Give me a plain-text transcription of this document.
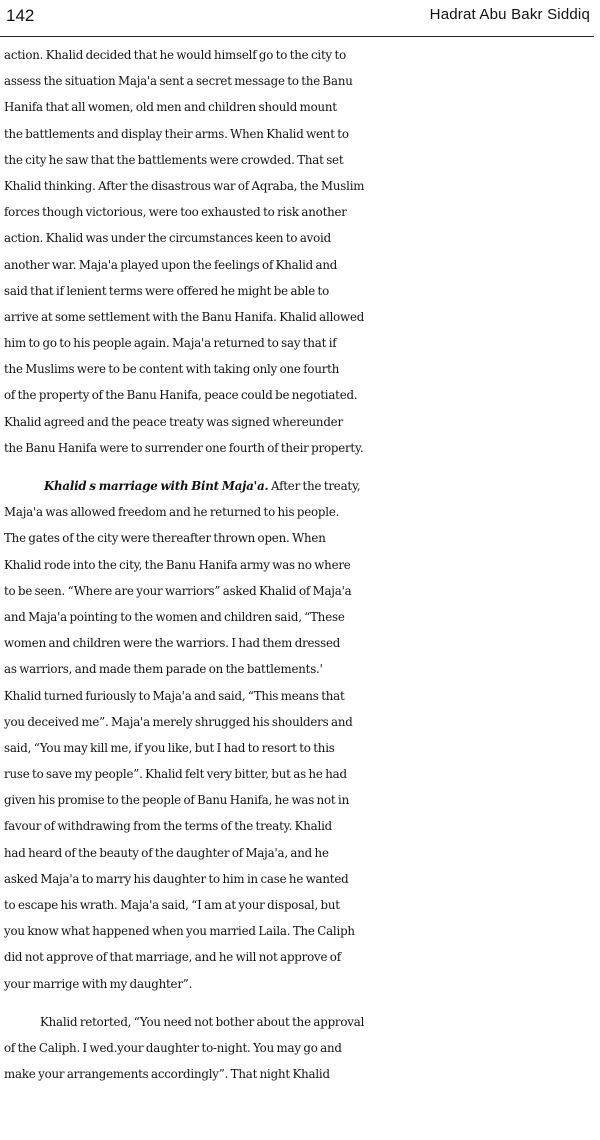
142	Hadrat Abu Bakr Siddiq
action. Khalid decided that he would himself go to the city to
assess the situation Maja'a sent a secret message to the Banu
Hanifa that all women, old men and children should mount
the battlements and display their arms. When Khalid went to
the city he saw that the battlements were crowded. That set
Khalid thinking. After the disastrous war of Aqraba, the Muslim
forces though victorious, were too exhausted to risk another
action. Khalid was under the circumstances keen to avoid
another war. Maja'a played upon the feelings of Khalid and
said that if lenient terms were offered he might be able to
arrive at some settlement with the Banu Hanifa. Khalid allowed
him to go to his people again. Maja'a returned to say that if
the Muslims were to be content with taking only one fourth
of the property of the Banu Hanifa, peace could be negotiated.
Khalid agreed and the peace treaty was signed whereunder
the Banu Hanifa were to surrender one fourth of their property.
Khalid s marriage with Bint Maja'a. After the treaty,
Maja'a was allowed freedom and he returned to his people.
The gates of the city were thereafter thrown open. When
Khalid rode into the city, the Banu Hanifa army was no where
to be seen. “Where are your warriors” asked Khalid of Maja'a
and Maja'a pointing to the women and children said, “These
women and children were the warriors. I had them dressed
as warriors, and made them parade on the battlements.'
Khalid turned furiously to Maja'a and said, “This means that
you deceived me”. Maja'a merely shrugged his shoulders and
said, “You may kill me, if you like, but I had to resort to this
ruse to save my people”. Khalid felt very bitter, but as he had
given his promise to the people of Banu Hanifa, he was not in
favour of withdrawing from the terms of the treaty. Khalid
had heard of the beauty of the daughter of Maja'a, and he
asked Maja'a to marry his daughter to him in case he wanted
to escape his wrath. Maja'a said, “I am at your disposal, but
you know what happened when you married Laila. The Caliph
did not approve of that marriage, and he will not approve of
your marrige with my daughter”.
Khalid retorted, “You need not bother about the approval
of the Caliph. I wed.your daughter to-night. You may go and
make your arrangements accordingly”. That night Khalid
